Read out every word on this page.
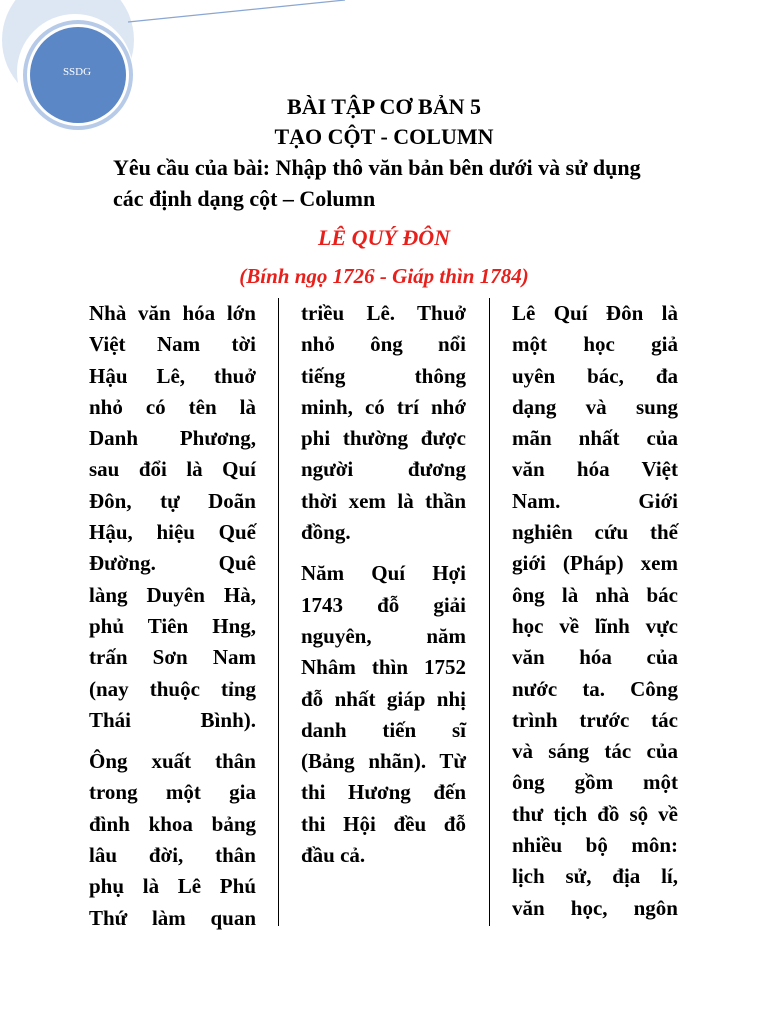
SSDG
BÀI TẬP CƠ BẢN 5
TẠO CỘT - COLUMN
Yêu cầu của bài: Nhập thô văn bản bên dưới và sử dụng
các định dạng cột – Column
LÊ QUÝ ĐÔN
(Bính ngọ 1726 - Giáp thìn 1784)

Nhà văn hóa lớn
Việt Nam tời
Hậu Lê, thuở
nhỏ có tên là
Danh Phương,
sau đổi là Quí
Đôn, tự Doãn
Hậu, hiệu Quế
Đường. Quê
làng Duyên Hà,
phủ Tiên Hng,
trấn Sơn Nam
(nay thuộc tỉng
Thái Bình).

Ông xuất thân
trong một gia
đình khoa bảng
lâu đời, thân
phụ là Lê Phú
Thứ làm quan

triều Lê. Thuở
nhỏ ông nổi
tiếng thông
minh, có trí nhớ
phi thường được
người đương
thời xem là thần
đồng.

Năm Quí Hợi
1743 đỗ giải
nguyên, năm
Nhâm thìn 1752
đỗ nhất giáp nhị
danh tiến sĩ
(Bảng nhãn). Từ
thi Hương đến
thi Hội đều đỗ
đầu cả.

Lê Quí Đôn là
một học giả
uyên bác, đa
dạng và sung
mãn nhất của
văn hóa Việt
Nam. Giới
nghiên cứu thế
giới (Pháp) xem
ông là nhà bác
học về lĩnh vực
văn hóa của
nước ta. Công
trình trước tác
và sáng tác của
ông gồm một
thư tịch đồ sộ về
nhiều bộ môn:
lịch sử, địa lí,
văn học, ngôn
